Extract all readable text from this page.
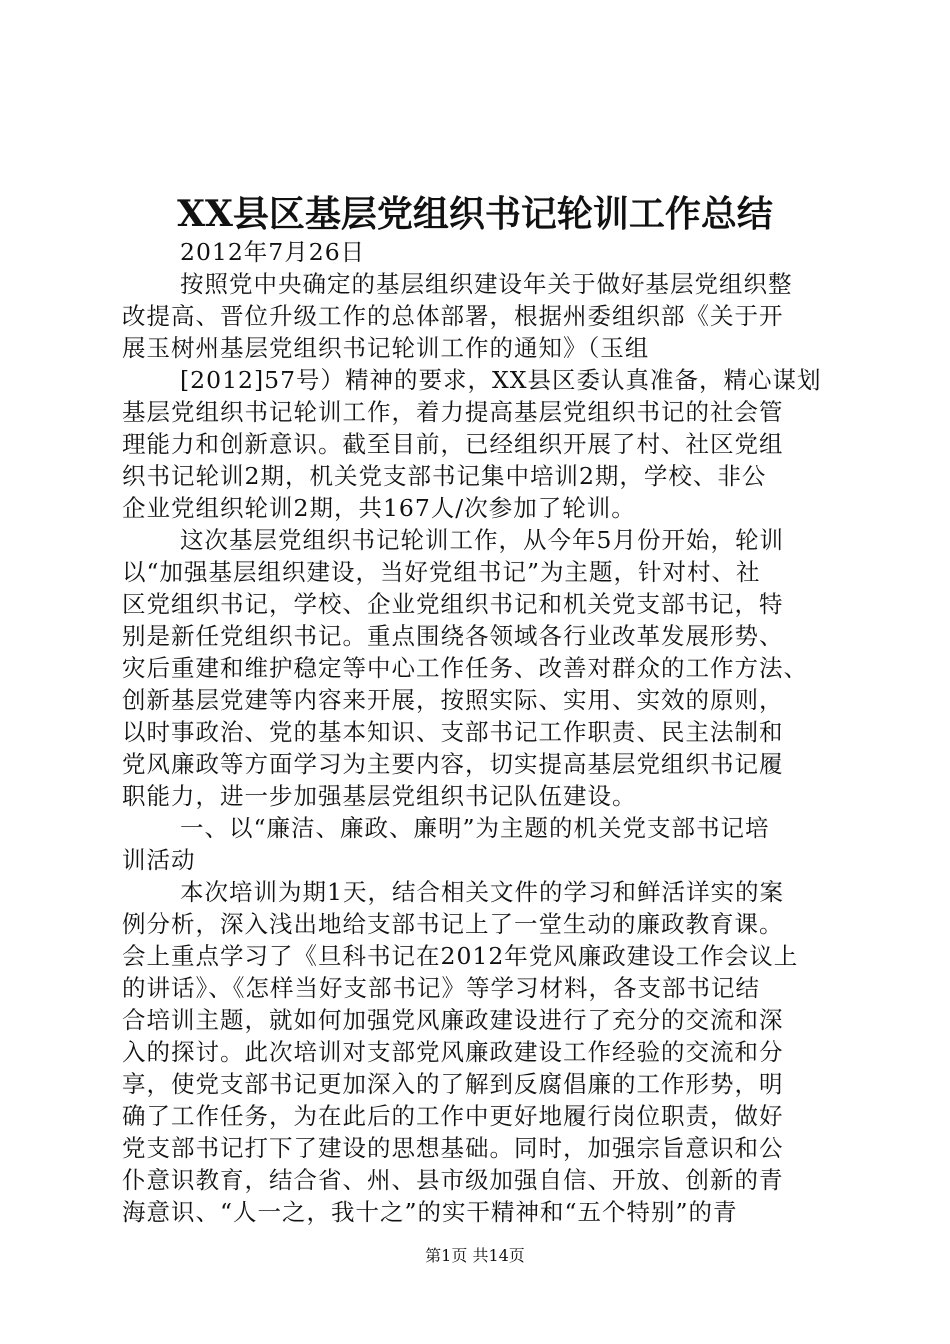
XX县区基层党组织书记轮训工作总结
2012年7月26日
按照党中央确定的基层组织建设年关于做好基层党组织整
改提高、晋位升级工作的总体部署，根据州委组织部《关于开
展玉树州基层党组织书记轮训工作的通知》（玉组
[2012]57号）精神的要求，XX县区委认真准备，精心谋划
基层党组织书记轮训工作，着力提高基层党组织书记的社会管
理能力和创新意识。截至目前，已经组织开展了村、社区党组
织书记轮训2期，机关党支部书记集中培训2期，学校、非公
企业党组织轮训2期，共167人/次参加了轮训。
这次基层党组织书记轮训工作，从今年5月份开始，轮训
以“加强基层组织建设，当好党组书记”为主题，针对村、社
区党组织书记，学校、企业党组织书记和机关党支部书记，特
别是新任党组织书记。重点围绕各领域各行业改革发展形势、
灾后重建和维护稳定等中心工作任务、改善对群众的工作方法、
创新基层党建等内容来开展，按照实际、实用、实效的原则，
以时事政治、党的基本知识、支部书记工作职责、民主法制和
党风廉政等方面学习为主要内容，切实提高基层党组织书记履
职能力，进一步加强基层党组织书记队伍建设。
一、以“廉洁、廉政、廉明”为主题的机关党支部书记培
训活动
本次培训为期1天，结合相关文件的学习和鲜活详实的案
例分析，深入浅出地给支部书记上了一堂生动的廉政教育课。
会上重点学习了《旦科书记在2012年党风廉政建设工作会议上
的讲话》、《怎样当好支部书记》等学习材料，各支部书记结
合培训主题，就如何加强党风廉政建设进行了充分的交流和深
入的探讨。此次培训对支部党风廉政建设工作经验的交流和分
享，使党支部书记更加深入的了解到反腐倡廉的工作形势，明
确了工作任务，为在此后的工作中更好地履行岗位职责，做好
党支部书记打下了建设的思想基础。同时，加强宗旨意识和公
仆意识教育，结合省、州、县市级加强自信、开放、创新的青
海意识、“人一之，我十之”的实干精神和“五个特别”的青
第1页 共14页
